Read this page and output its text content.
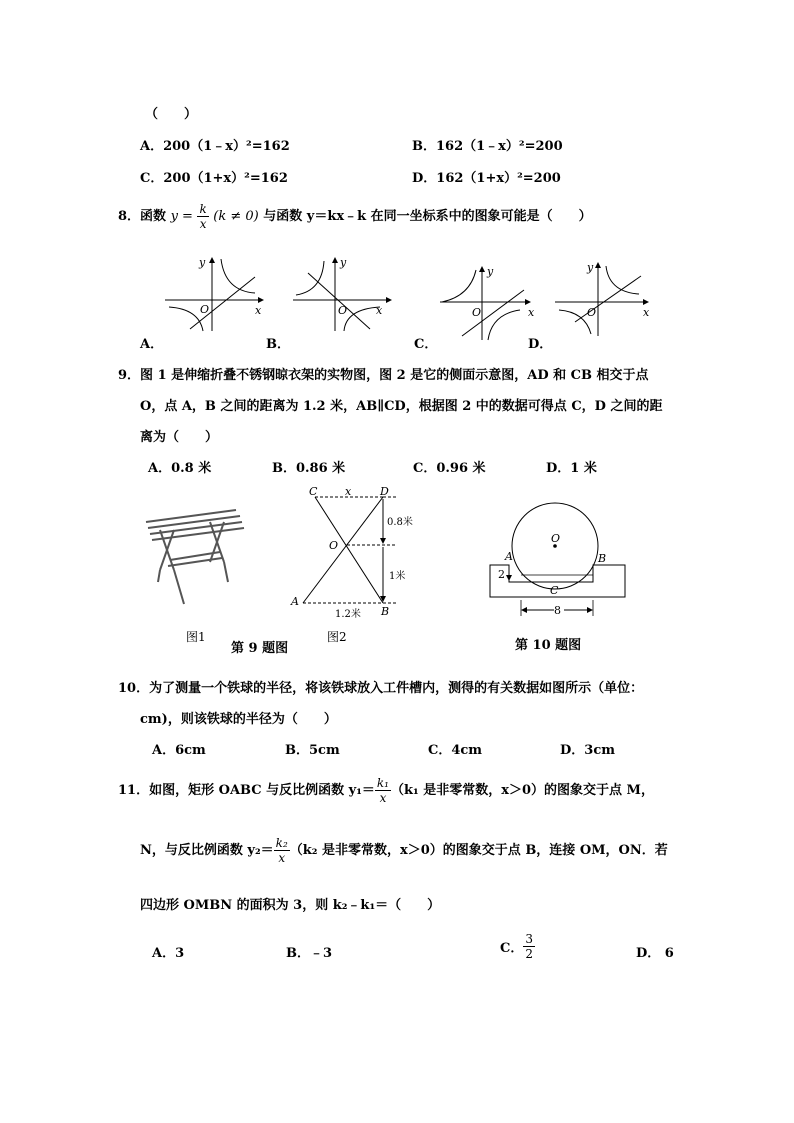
（　　）
A．200（1﹣x）²=162	B．162（1﹣x）²=200
C．200（1+x）²=162	D．162（1+x）²=200
8．函数 $y = \frac{k}{x} (k \ne 0)$ 与函数 y＝kx﹣k 在同一坐标系中的图象可能是（　　）
O	x
y
A．
O	x
y
B．
O	x
y
C．
O	x
y
D．
9．图 1 是伸缩折叠不锈钢晾衣架的实物图，图 2 是它的侧面示意图，AD 和 CB 相交于点
O，点 A，B 之间的距离为 1.2 米，AB∥CD，根据图 2 中的数据可得点 C，D 之间的距
离为（　　）
A．0.8 米	B．0.86 米	C．0.96 米	D．1 米
图1
第 9 题图
C	x	D
O
A
B
0.8米
1米
1.2米
图2
O
A	B
C
2
8
第 10 题图
10．为了测量一个铁球的半径，将该铁球放入工件槽内，测得的有关数据如图所示（单位：
cm)，则该铁球的半径为（　　）
A．6cm	B．5cm	C．4cm	D．3cm
11．如图，矩形 OABC 与反比例函数 $y_1= \frac{\text{k₁}}{x} (k_1$ 是非零常数，x＞0）的图象交于点 M，
N，与反比例函数 $y_2= \frac{\text{k₂}}{x} (k_2$ 是非零常数，x＞0）的图象交于点 B，连接 OM，ON．若
四边形 OMBN 的面积为 3，则 k₂﹣k₁＝（　　）
A．3	B．﹣3	C． $\frac{3}{2}$	D． 6
